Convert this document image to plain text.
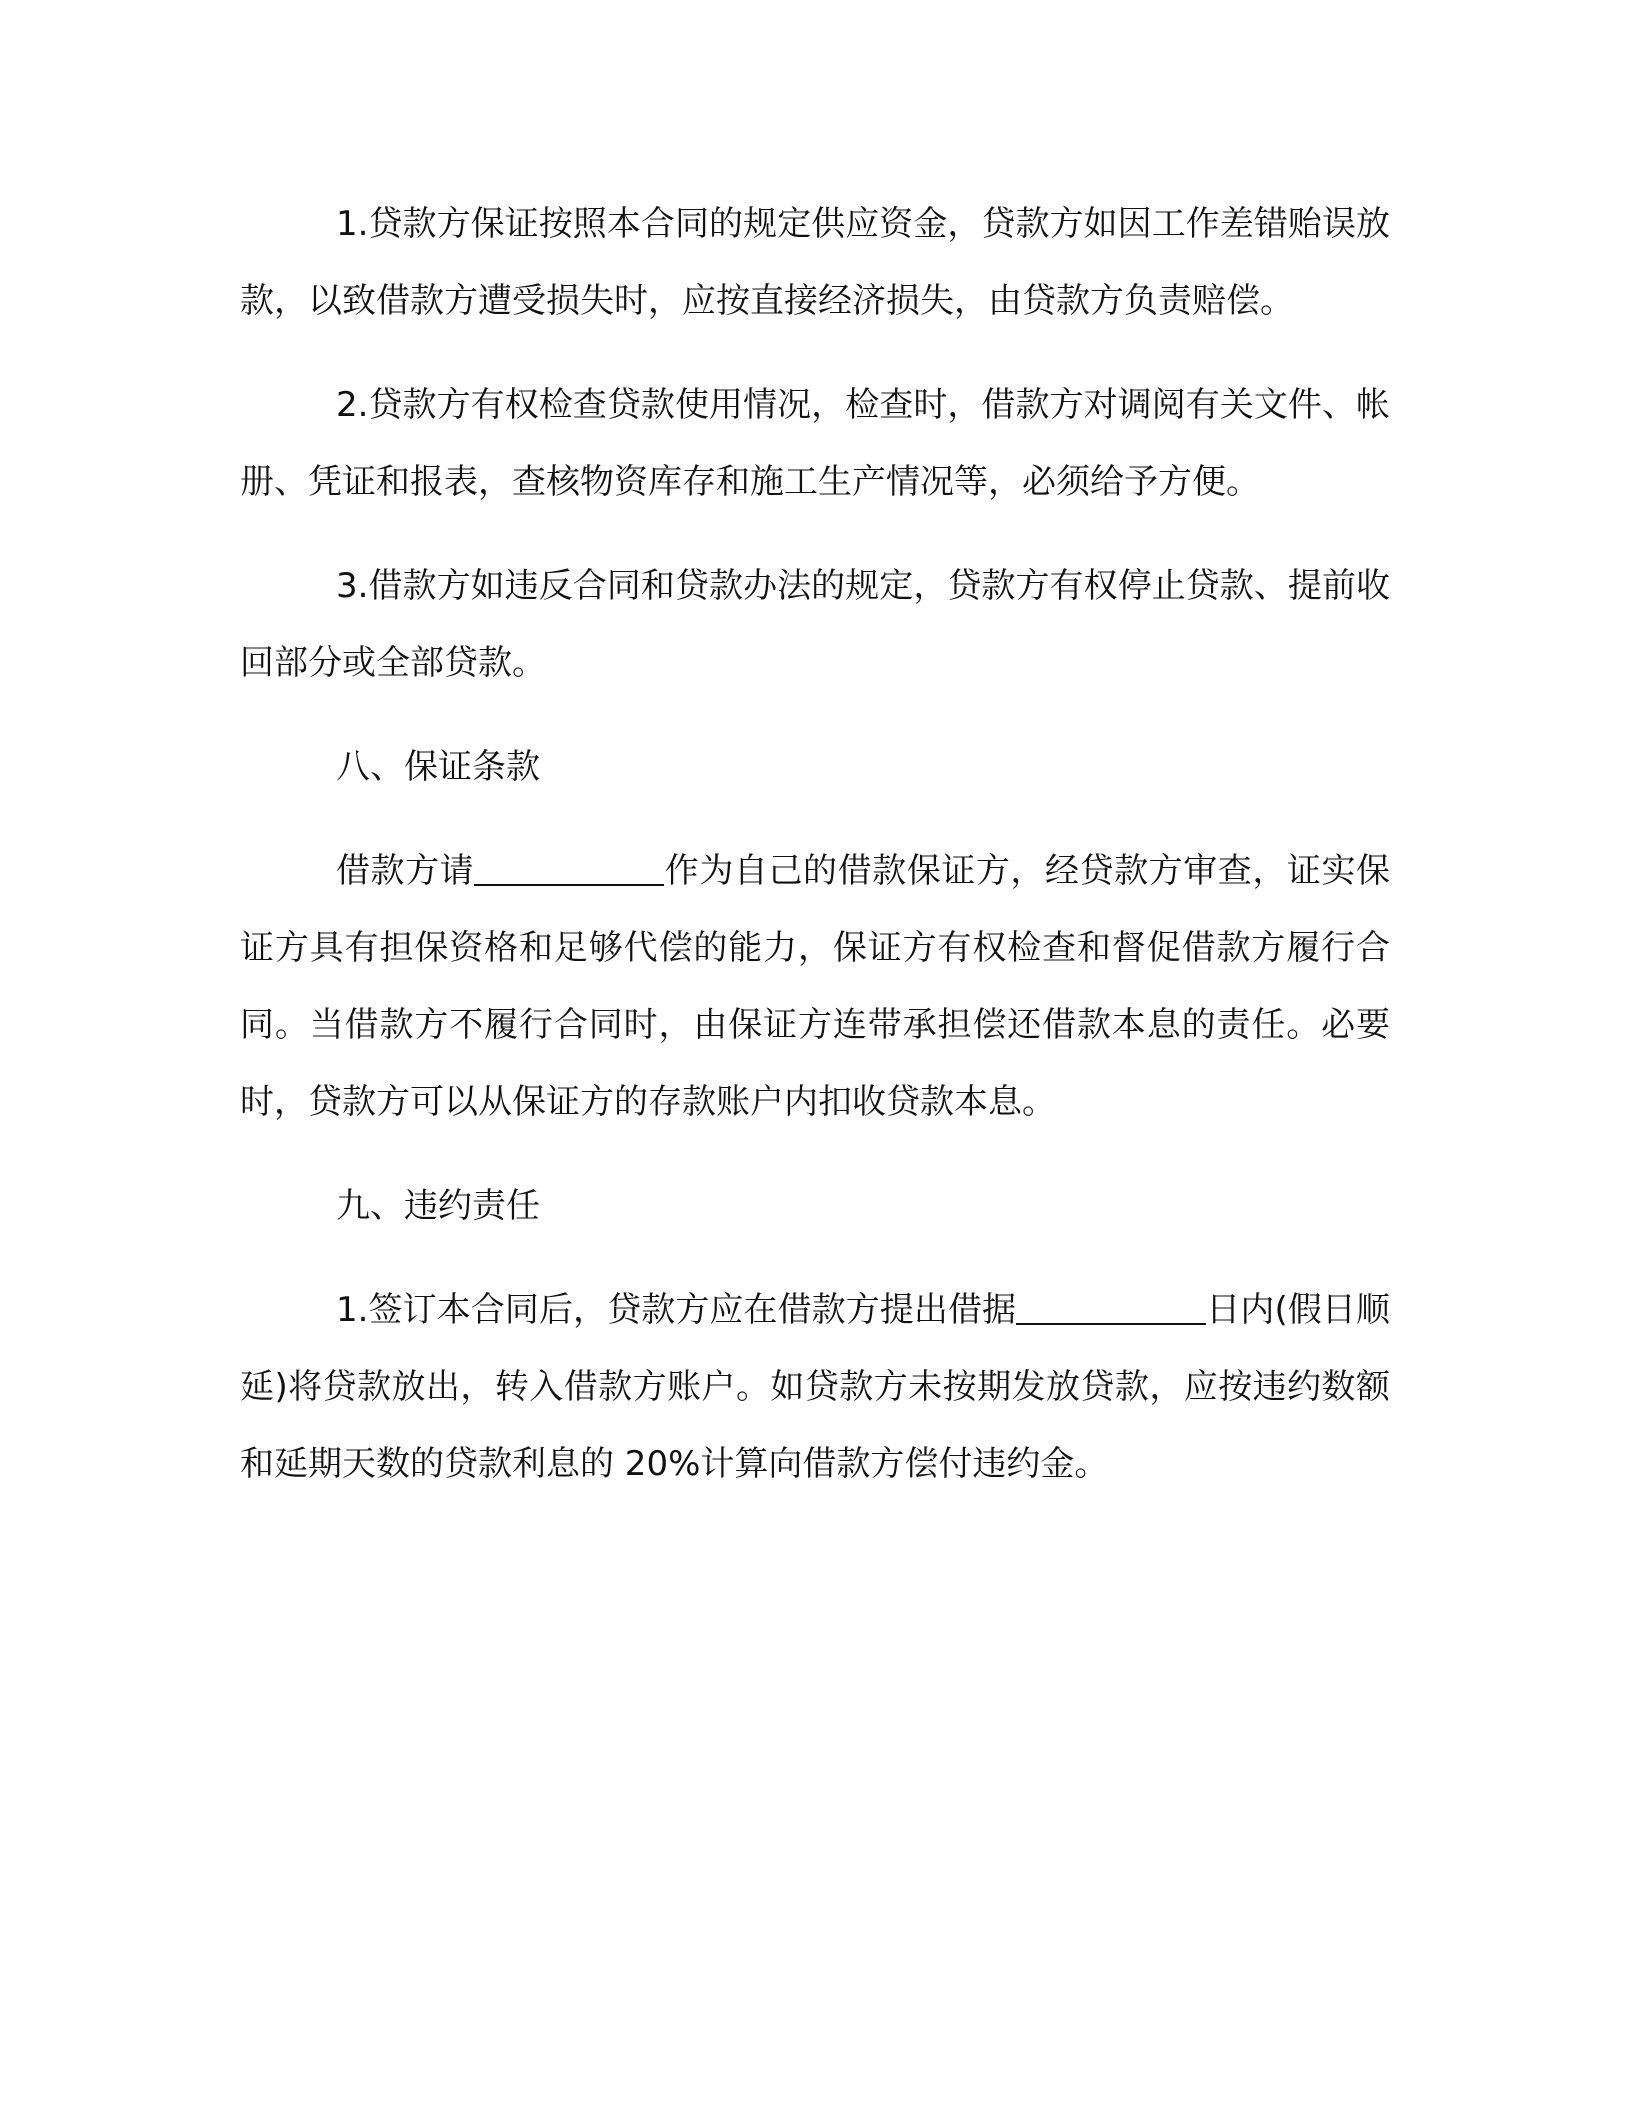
1.贷款方保证按照本合同的规定供应资金，贷款方如因工作差错贻误放款，以致借款方遭受损失时，应按直接经济损失，由贷款方负责赔偿。

2.贷款方有权检查贷款使用情况，检查时，借款方对调阅有关文件、帐册、凭证和报表，查核物资库存和施工生产情况等，必须给予方便。

3.借款方如违反合同和贷款办法的规定，贷款方有权停止贷款、提前收回部分或全部贷款。

八、保证条款

借款方请	作为自己的借款保证方，经贷款方审查，证实保证方具有担保资格和足够代偿的能力，保证方有权检查和督促借款方履行合同。当借款方不履行合同时，由保证方连带承担偿还借款本息的责任。必要时，贷款方可以从保证方的存款账户内扣收贷款本息。

九、违约责任

1.签订本合同后，贷款方应在借款方提出借据	日内(假日顺延)将贷款放出，转入借款方账户。如贷款方未按期发放贷款，应按违约数额和延期天数的贷款利息的 20%计算向借款方偿付违约金。
